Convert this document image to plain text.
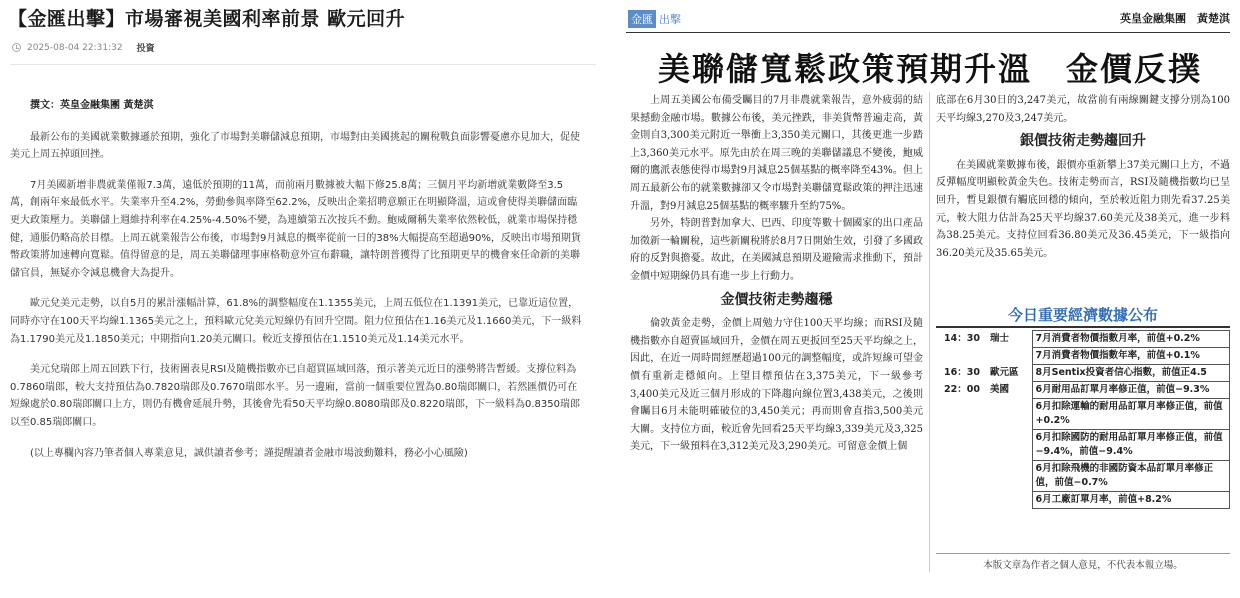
【金匯出擊】市場審視美國利率前景 歐元回升
2025-08-04 22:31:32 投資

撰文：英皇金融集團 黃楚淇

最新公布的美國就業數據遜於預期，強化了市場對美聯儲減息預期，市場對由美國挑起的關稅戰負面影響憂慮亦見加大，促使美元上周五掉頭回挫。

7月美國新增非農就業僅報7.3萬，遠低於預期的11萬，而前兩月數據被大幅下修25.8萬；三個月平均新增就業數降至3.5萬，創兩年來最低水平。失業率升至4.2%，勞動參與率降至62.2%，反映出企業招聘意願正在明顯降溫，這或會使得美聯儲面臨更大政策壓力。美聯儲上週維持利率在4.25%-4.50%不變，為連續第五次按兵不動。鮑威爾稱失業率依然較低，就業市場保持穩健，通脹仍略高於目標。上周五就業報告公布後，市場對9月減息的概率從前一日的38%大幅提高至超過90%，反映出市場預期貨幣政策將加速轉向寬鬆。值得留意的是，周五美聯儲理事庫格勒意外宣布辭職，讓特朗普獲得了比預期更早的機會來任命新的美聯儲官員，無疑亦令減息機會大為提升。

歐元兌美元走勢，以自5月的累計漲幅計算，61.8%的調整幅度在1.1355美元，上周五低位在1.1391美元，已靠近這位置，同時亦守在100天平均線1.1365美元之上，預料歐元兌美元短線仍有回升空間。阻力位預估在1.16美元及1.1660美元，下一級料為1.1790美元及1.1850美元；中期指向1.20美元關口。較近支撐預估在1.1510美元及1.14美元水平。

美元兌瑞郎上周五回跌下行，技術圖表見RSI及隨機指數亦已自超買區域回落，預示著美元近日的漲勢將告暫緩。支撐位料為0.7860瑞郎，較大支持預估為0.7820瑞郎及0.7670瑞郎水平。另一邊廂，當前一個重要位置為0.80瑞郎關口，若然匯價仍可在短線處於0.80瑞郎關口上方，則仍有機會延展升勢，其後會先看50天平均線0.8080瑞郎及0.8220瑞郎，下一級料為0.8350瑞郎以至0.85瑞郎關口。

(以上專欄內容乃筆者個人專業意見，誠供讀者參考；謹提醒讀者金融市場波動難料，務必小心風險)

金匯 出擊	英皇金融集團　黃楚淇
美聯儲寬鬆政策預期升溫　金價反撲

上周五美國公布備受矚目的7月非農就業報告，意外疲弱的結果撼動金融市場。數據公布後，美元挫跌，非美貨幣普遍走高，黃金則自3,300美元附近一舉衝上3,350美元關口，其後更進一步踏上3,360美元水平。原先由於在周三晚的美聯儲議息不變後，鮑威爾的鷹派表態使得市場對9月減息25個基點的概率降至43%。但上周五最新公布的就業數據卻又令市場對美聯儲寬鬆政策的押注迅速升溫，對9月減息25個基點的概率驟升至約75%。

另外，特朗普對加拿大、巴西、印度等數十個國家的出口產品加徵新一輪關稅，這些新關稅將於8月7日開始生效，引發了多國政府的反對與擔憂。故此，在美國減息預期及避險需求推動下，預計金價中短期線仍具有進一步上行動力。

金價技術走勢趨穩

倫敦黃金走勢，金價上周勉力守住100天平均線；而RSI及隨機指數亦自超賣區域回升，金價在周五更扳回至25天平均線之上，因此，在近一周時間經歷超過100元的調整幅度，或許短線可望金價有重新走穩傾向。上望目標預估在3,375美元，下一級參考3,400美元及近三個月形成的下降趨向線位置3,438美元，之後則會矚目6月未能明確破位的3,450美元；再而則會直指3,500美元大關。支持位方面，較近會先回看25天平均線3,339美元及3,325美元，下一級預料在3,312美元及3,290美元。可留意金價上個

底部在6月30日的3,247美元，故當前有兩線關鍵支撐分別為100天平均線3,270及3,247美元。

銀價技術走勢趨回升

在美國就業數據布後，銀價亦重新攀上37美元關口上方，不過反彈幅度明顯較黃金失色。技術走勢而言，RSI及隨機指數均已呈回升，暫見銀價有觸底回穩的傾向，至於較近阻力則先看37.25美元，較大阻力估計為25天平均線37.60美元及38美元，進一步料為38.25美元。支持位回看36.80美元及36.45美元，下一級指向36.20美元及35.65美元。

今日重要經濟數據公布
14：30	瑞士	7月消費者物價指數月率，前值+0.2%
		7月消費者物價指數年率，前值+0.1%
16：30	歐元區	8月Sentix投資者信心指數，前值正4.5
22：00	美國	6月耐用品訂單月率修正值，前值−9.3%
		6月扣除運輸的耐用品訂單月率修正值，前值+0.2%
		6月扣除國防的耐用品訂單月率修正值，前值−9.4%，前值−9.4%
		6月扣除飛機的非國防資本品訂單月率修正值，前值−0.7%
		6月工廠訂單月率，前值+8.2%
本版文章為作者之個人意見，不代表本報立場。
